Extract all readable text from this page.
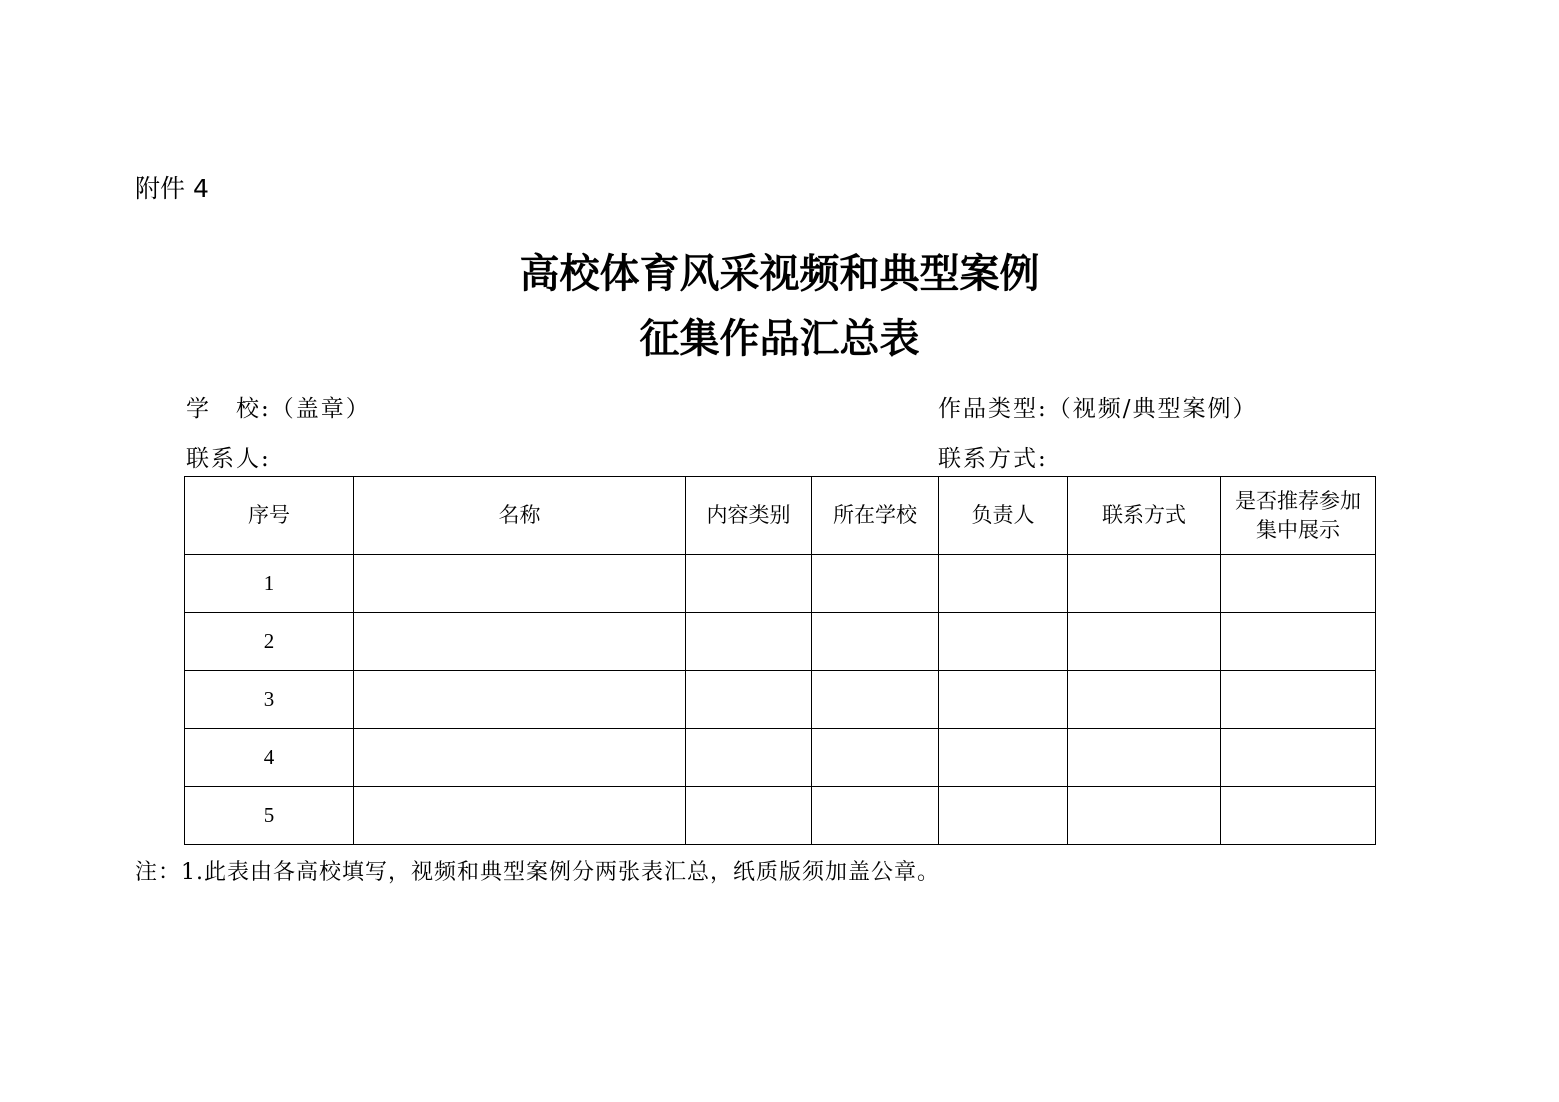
附件 4
高校体育风采视频和典型案例
征集作品汇总表
学　校:（盖章）	作品类型:（视频/典型案例）
联系人:	联系方式:
序号	名称	内容类别	所在学校	负责人	联系方式	是否推荐参加集中展示
1						
2						
3						
4						
5						
注：1.此表由各高校填写，视频和典型案例分两张表汇总，纸质版须加盖公章。
